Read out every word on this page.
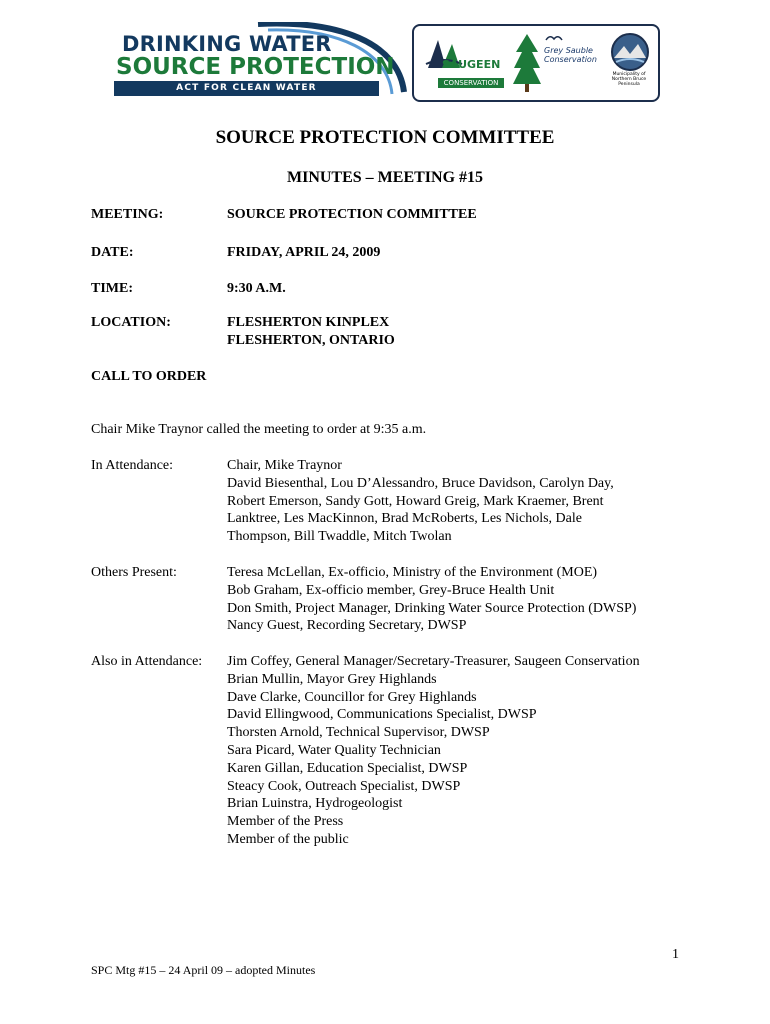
DRINKING WATER
SOURCE PROTECTION
ACT FOR CLEAN WATER
SAUGEEN
CONSERVATION
Grey Sauble Conservation
Municipality of Northern Bruce Peninsula
SOURCE PROTECTION COMMITTEE
MINUTES – MEETING #15
MEETING:	SOURCE PROTECTION COMMITTEE
DATE:	FRIDAY, APRIL 24, 2009
TIME:	9:30 A.M.
LOCATION:	FLESHERTON KINPLEX
FLESHERTON, ONTARIO
CALL TO ORDER
Chair Mike Traynor called the meeting to order at 9:35 a.m.
In Attendance:	Chair, Mike Traynor
David Biesenthal, Lou D’Alessandro, Bruce Davidson, Carolyn Day,
Robert Emerson, Sandy Gott, Howard Greig, Mark Kraemer, Brent
Lanktree, Les MacKinnon, Brad McRoberts, Les Nichols, Dale
Thompson, Bill Twaddle, Mitch Twolan
Others Present:	Teresa McLellan, Ex-officio, Ministry of the Environment (MOE)
Bob Graham, Ex-officio member, Grey-Bruce Health Unit
Don Smith, Project Manager, Drinking Water Source Protection (DWSP)
Nancy Guest, Recording Secretary, DWSP
Also in Attendance: Jim Coffey, General Manager/Secretary-Treasurer, Saugeen Conservation
Brian Mullin, Mayor Grey Highlands
Dave Clarke, Councillor for Grey Highlands
David Ellingwood, Communications Specialist, DWSP
Thorsten Arnold, Technical Supervisor, DWSP
Sara Picard, Water Quality Technician
Karen Gillan, Education Specialist, DWSP
Steacy Cook, Outreach Specialist, DWSP
Brian Luinstra, Hydrogeologist
Member of the Press
Member of the public
1
SPC Mtg #15 – 24 April 09 – adopted Minutes
